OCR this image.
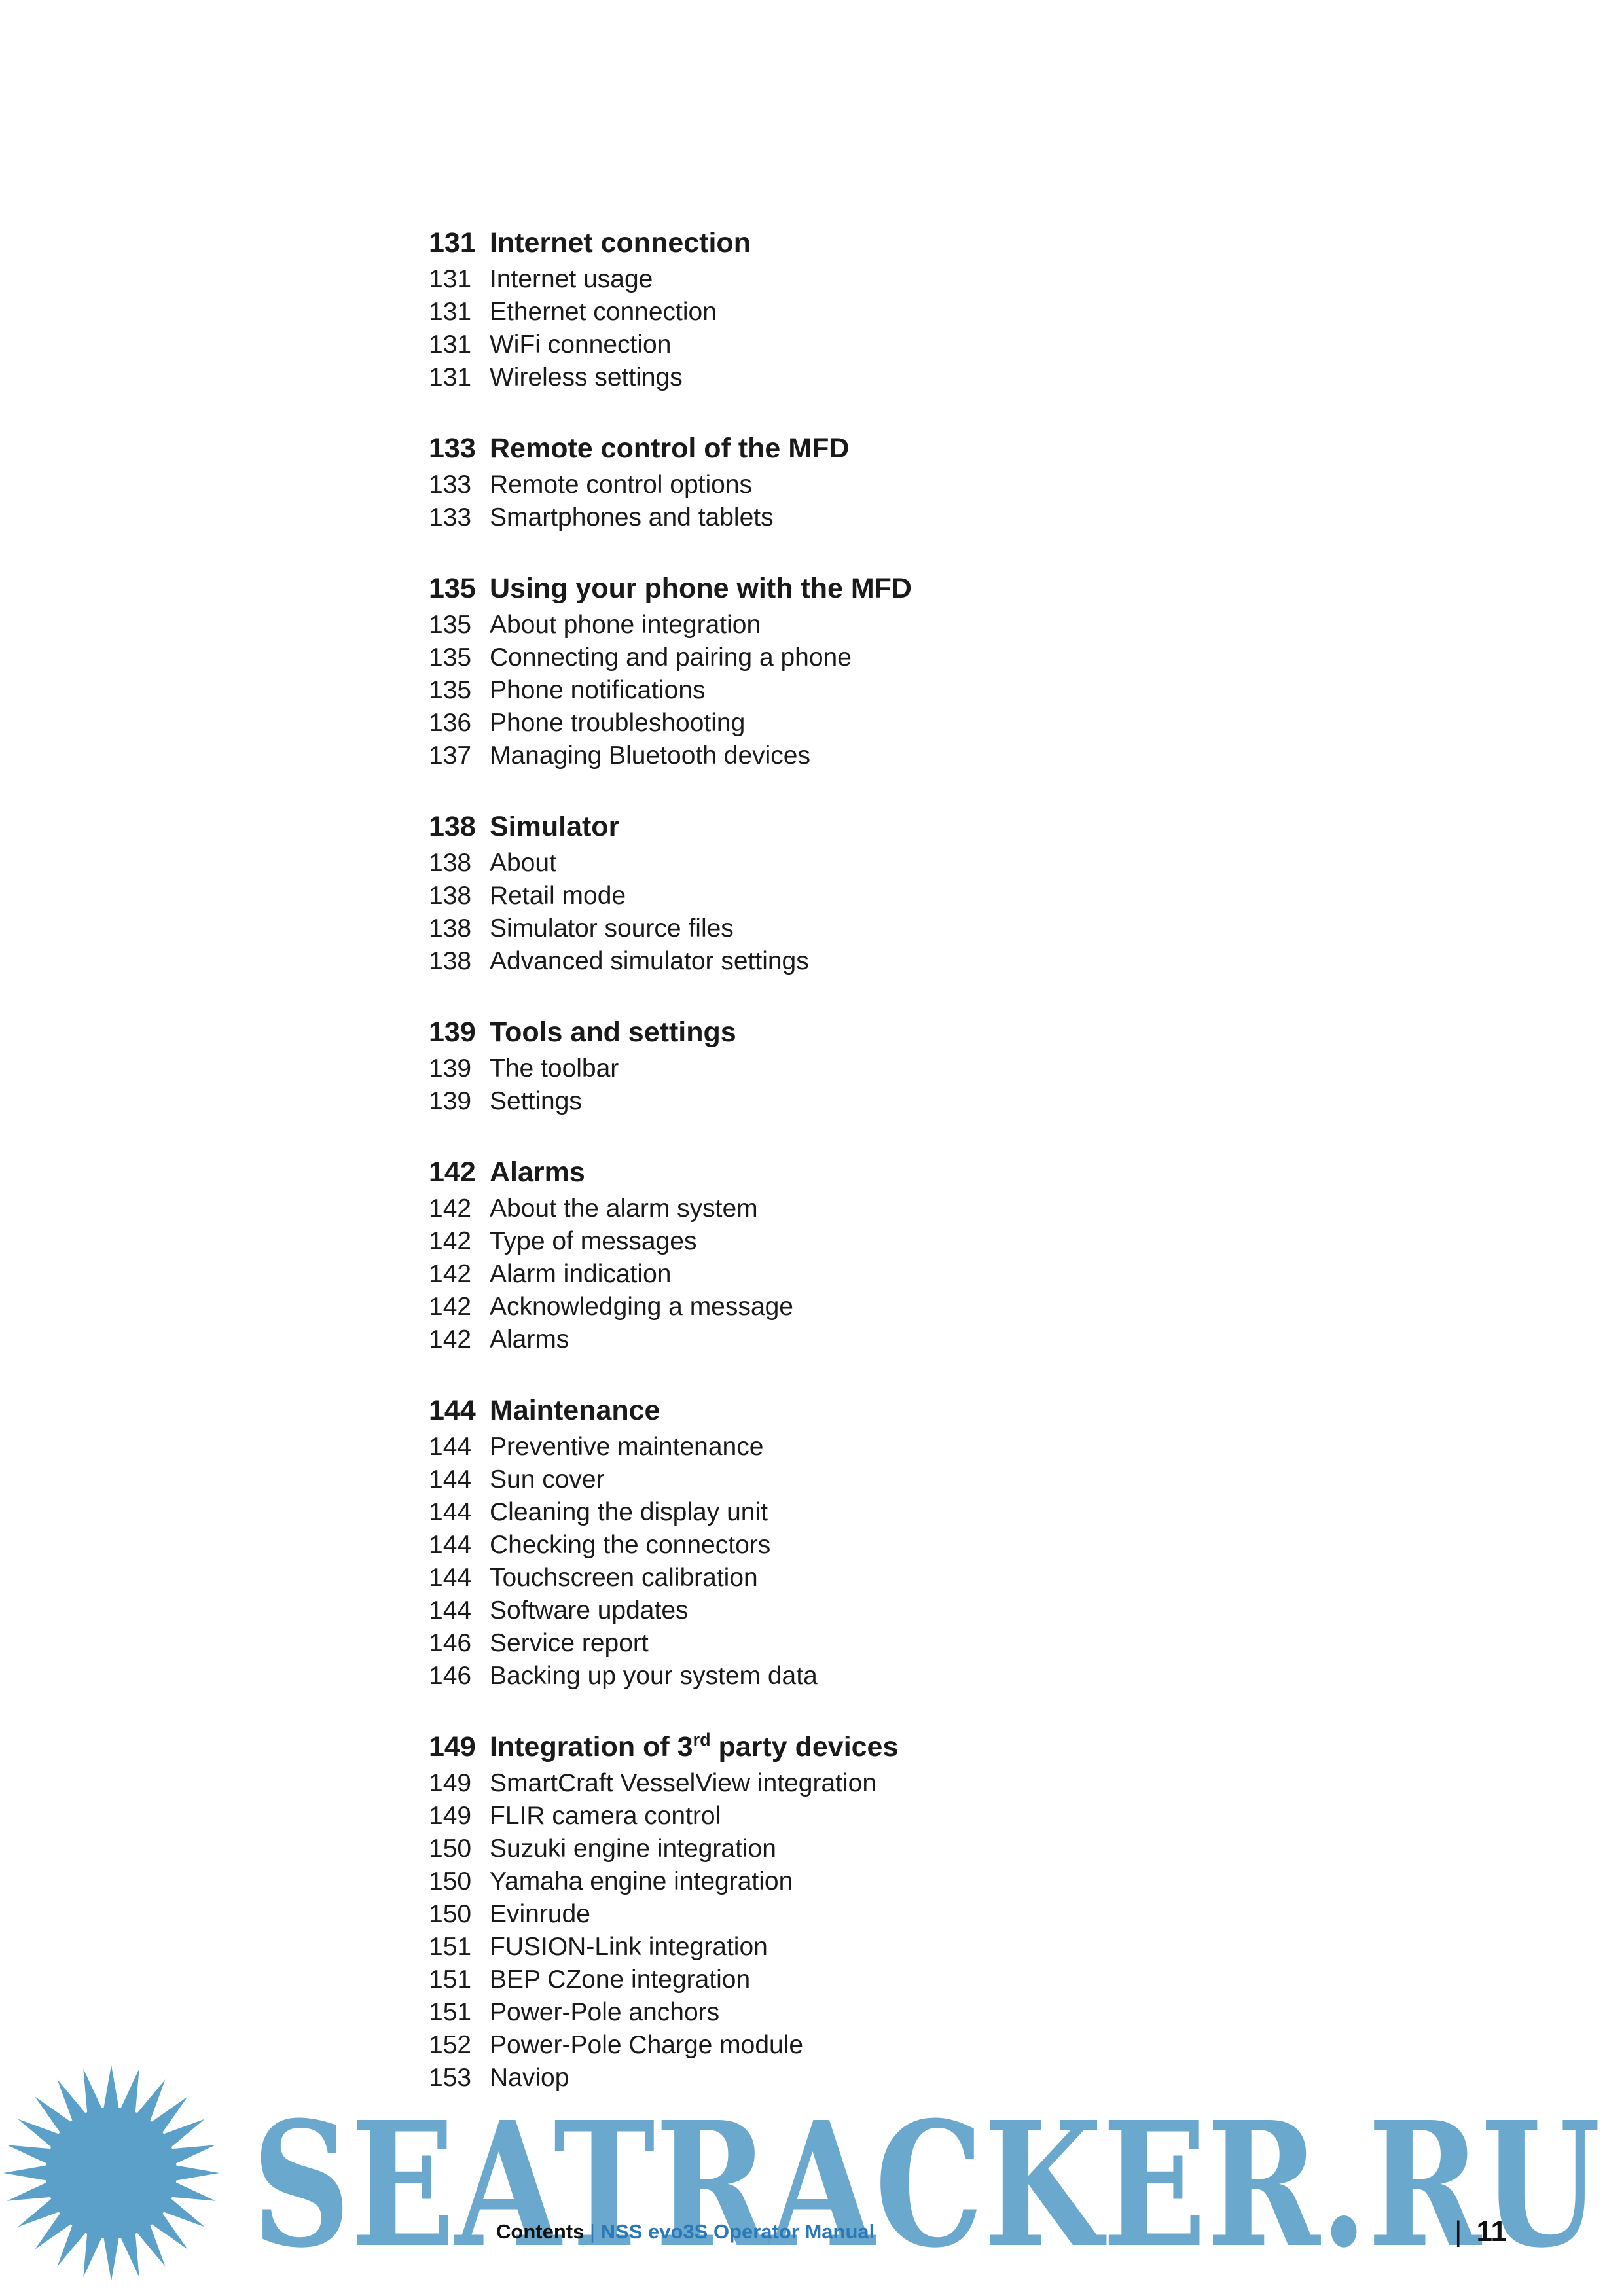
131 Internet connection
131 Internet usage
131 Ethernet connection
131 WiFi connection
131 Wireless settings
133 Remote control of the MFD
133 Remote control options
133 Smartphones and tablets
135 Using your phone with the MFD
135 About phone integration
135 Connecting and pairing a phone
135 Phone notifications
136 Phone troubleshooting
137 Managing Bluetooth devices
138 Simulator
138 About
138 Retail mode
138 Simulator source files
138 Advanced simulator settings
139 Tools and settings
139 The toolbar
139 Settings
142 Alarms
142 About the alarm system
142 Type of messages
142 Alarm indication
142 Acknowledging a message
142 Alarms
144 Maintenance
144 Preventive maintenance
144 Sun cover
144 Cleaning the display unit
144 Checking the connectors
144 Touchscreen calibration
144 Software updates
146 Service report
146 Backing up your system data
149 Integration of 3rd party devices
149 SmartCraft VesselView integration
149 FLIR camera control
150 Suzuki engine integration
150 Yamaha engine integration
150 Evinrude
151 FUSION-Link integration
151 BEP CZone integration
151 Power-Pole anchors
152 Power-Pole Charge module
153 Naviop
SEATRACKER.RU
Contents | NSS evo3S Operator Manual	| 11
